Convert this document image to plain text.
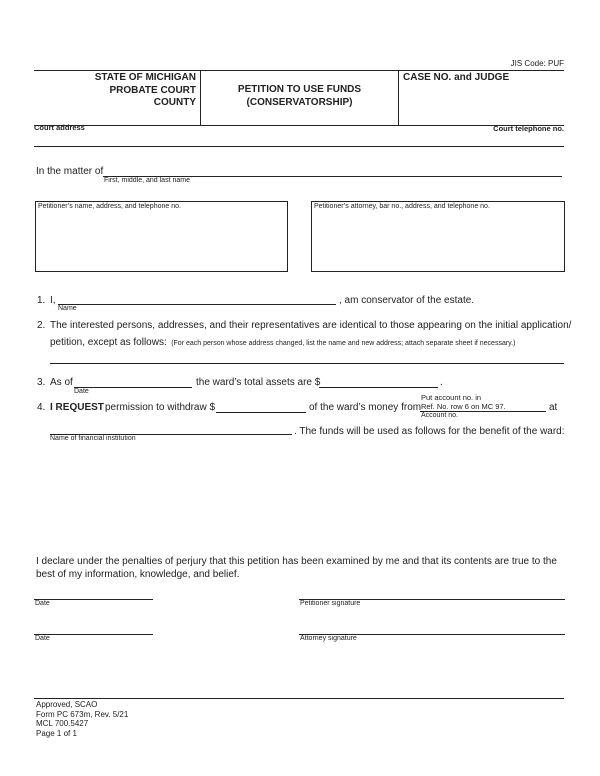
JIS Code: PUF
STATE OF MICHIGAN
PROBATE COURT
COUNTY
PETITION TO USE FUNDS
(CONSERVATORSHIP)
CASE NO. and JUDGE
Court address	Court telephone no.
In the matter of
First, middle, and last name
Petitioner’s name, address, and telephone no.	Petitioner’s attorney, bar no., address, and telephone no.
1. I,
Name
, am conservator of the estate.
2. The interested persons, addresses, and their representatives are identical to those appearing on the initial application/
petition, except as follows: (For each person whose address changed, list the name and new address; attach separate sheet if necessary.)
3. As of
Date
the ward’s total assets are $	.
4. I REQUEST permission to withdraw $	of the ward’s money from
Put account no. in
Ref. No. row 6 on MC 97.
Account no.
at
Name of financial institution
. The funds will be used as follows for the benefit of the ward:
I declare under the penalties of perjury that this petition has been examined by me and that its contents are true to the best of my information, knowledge, and belief.
Date	Petitioner signature
Date	Attorney signature
Approved, SCAO
Form PC 673m, Rev. 5/21
MCL 700.5427
Page 1 of 1
